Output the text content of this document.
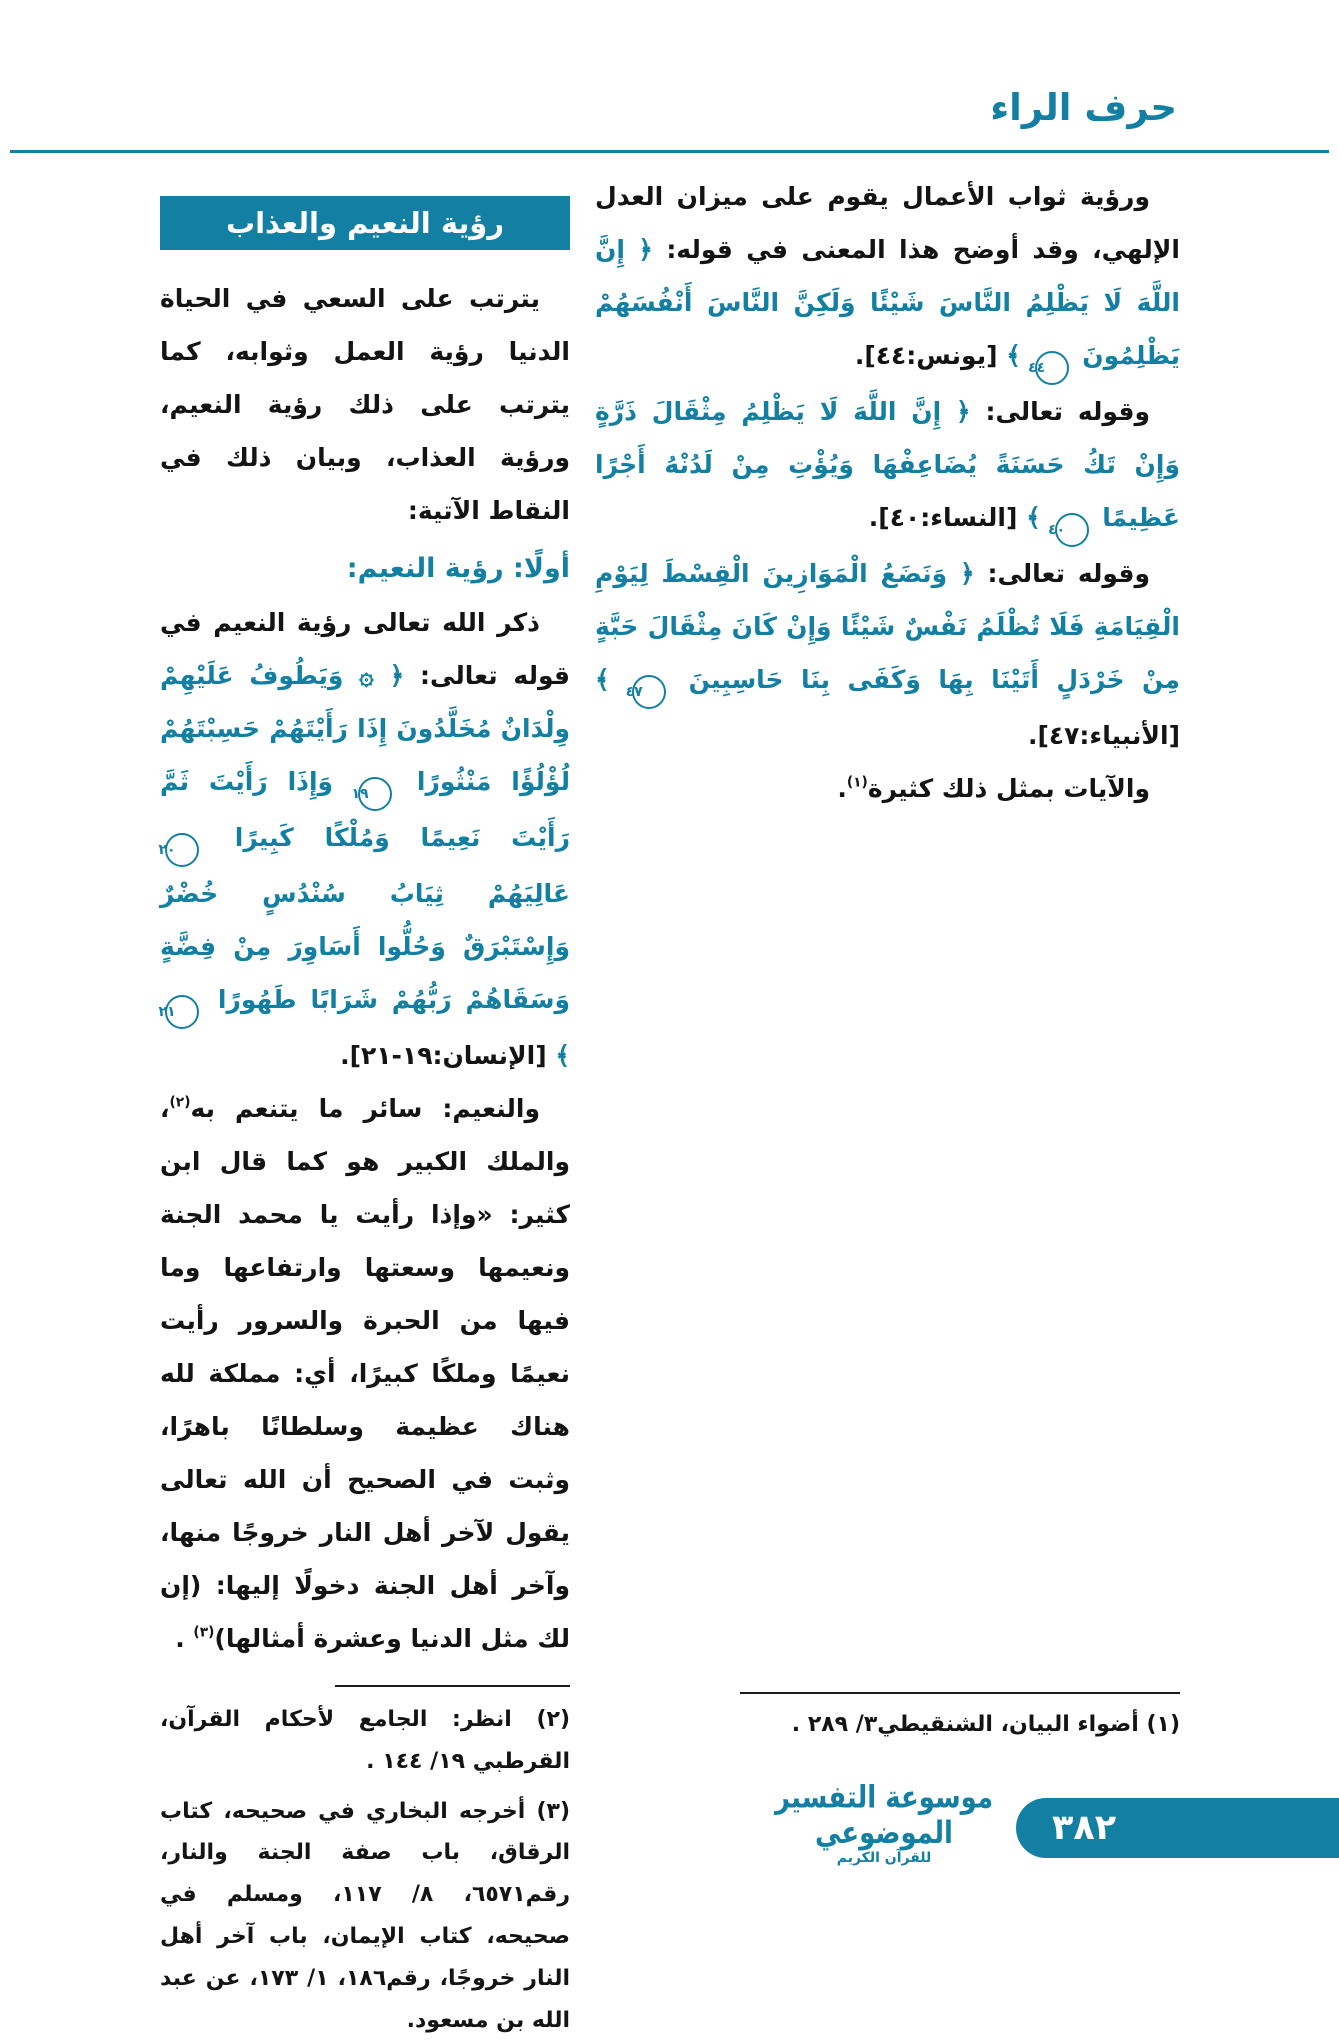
حرف الراء

ورؤية ثواب الأعمال يقوم على ميزان العدل الإلهي، وقد أوضح هذا المعنى في قوله: ﴿ إِنَّ اللَّهَ لَا يَظْلِمُ النَّاسَ شَيْئًا وَلَكِنَّ النَّاسَ أَنْفُسَهُمْ يَظْلِمُونَ ٤٤ ﴾ [يونس:٤٤].

وقوله تعالى: ﴿ إِنَّ اللَّهَ لَا يَظْلِمُ مِثْقَالَ ذَرَّةٍ وَإِنْ تَكُ حَسَنَةً يُضَاعِفْهَا وَيُؤْتِ مِنْ لَدُنْهُ أَجْرًا عَظِيمًا ٤٠ ﴾ [النساء:٤٠].

وقوله تعالى: ﴿ وَنَضَعُ الْمَوَازِينَ الْقِسْطَ لِيَوْمِ الْقِيَامَةِ فَلَا تُظْلَمُ نَفْسٌ شَيْئًا وَإِنْ كَانَ مِثْقَالَ حَبَّةٍ مِنْ خَرْدَلٍ أَتَيْنَا بِهَا وَكَفَى بِنَا حَاسِبِينَ ٤٧ ﴾ [الأنبياء:٤٧].

والآيات بمثل ذلك كثيرة$^{(١)}$.

رؤية النعيم والعذاب

يترتب على السعي في الحياة الدنيا رؤية العمل وثوابه، كما يترتب على ذلك رؤية النعيم، ورؤية العذاب، وبيان ذلك في النقاط الآتية:

أولًا: رؤية النعيم:

ذكر الله تعالى رؤية النعيم في قوله تعالى: ﴿ ۞ وَيَطُوفُ عَلَيْهِمْ وِلْدَانٌ مُخَلَّدُونَ إِذَا رَأَيْتَهُمْ حَسِبْتَهُمْ لُؤْلُؤًا مَنْثُورًا ١٩ وَإِذَا رَأَيْتَ ثَمَّ رَأَيْتَ نَعِيمًا وَمُلْكًا كَبِيرًا ٢٠ عَالِيَهُمْ ثِيَابُ سُنْدُسٍ خُضْرٌ وَإِسْتَبْرَقٌ وَحُلُّوا أَسَاوِرَ مِنْ فِضَّةٍ وَسَقَاهُمْ رَبُّهُمْ شَرَابًا طَهُورًا ٢١ ﴾ [الإنسان:١٩-٢١].

والنعيم: سائر ما يتنعم به$^{(٢)}$، والملك الكبير هو كما قال ابن كثير: «وإذا رأيت يا محمد الجنة ونعيمها وسعتها وارتفاعها وما فيها من الحبرة والسرور رأيت نعيمًا وملكًا كبيرًا، أي: مملكة لله هناك عظيمة وسلطانًا باهرًا، وثبت في الصحيح أن الله تعالى يقول لآخر أهل النار خروجًا منها، وآخر أهل الجنة دخولًا إليها: (إن لك مثل الدنيا وعشرة أمثالها)$^{(٣)}$ .

(٢) انظر: الجامع لأحكام القرآن، القرطبي ١٩/ ١٤٤ .
(٣) أخرجه البخاري في صحيحه، كتاب الرقاق، باب صفة الجنة والنار، رقم٦٥٧١، ٨/ ١١٧، ومسلم في صحيحه، كتاب الإيمان، باب آخر أهل النار خروجًا، رقم١٨٦، ١/ ١٧٣، عن عبد الله بن مسعود.
(١) أضواء البيان، الشنقيطي٣/ ٢٨٩ .
موسوعة التفسير الموضوعي
للقرآن الكريم
٣٨٢
